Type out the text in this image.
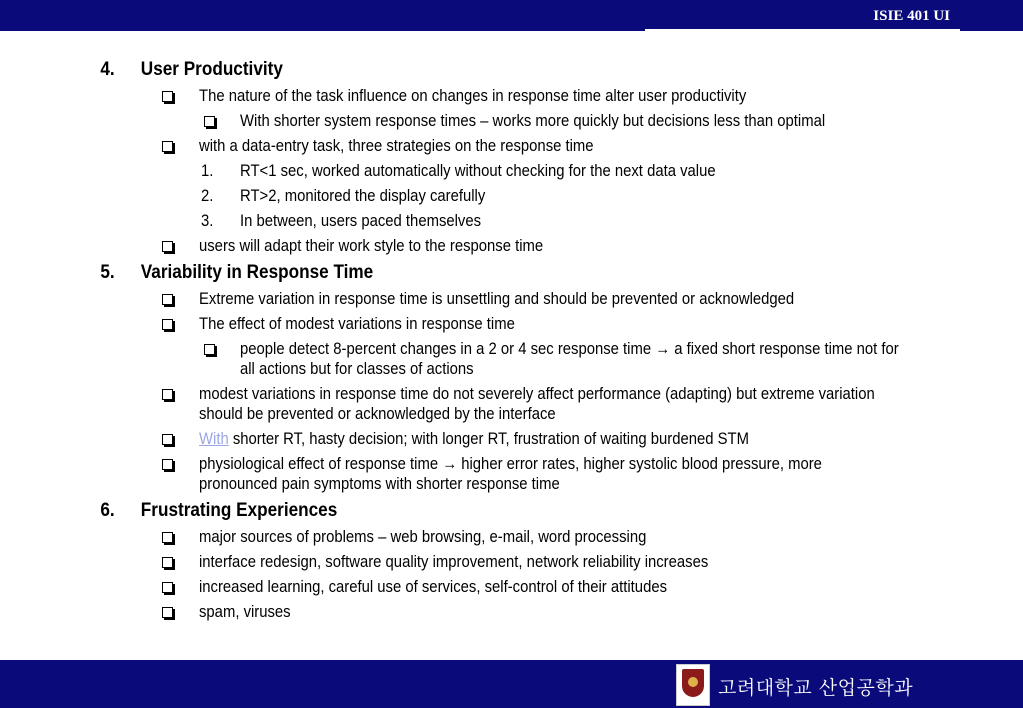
ISIE 401 UI
4. User Productivity
The nature of the task influence on changes in response time alter user productivity
With shorter system response times – works more quickly but decisions less than optimal
with a data-entry task, three strategies on the response time
1. RT<1 sec, worked automatically without checking for the next data value
2. RT>2, monitored the display carefully
3. In between, users paced themselves
users will adapt their work style to the response time
5. Variability in Response Time
Extreme variation in response time is unsettling and should be prevented or acknowledged
The effect of modest variations in response time
people detect 8-percent changes in a 2 or 4 sec response time → a fixed short response time not for all actions but for classes of actions
modest variations in response time do not severely affect performance (adapting) but extreme variation should be prevented or acknowledged by the interface
With shorter RT, hasty decision; with longer RT, frustration of waiting burdened STM
physiological effect of response time → higher error rates, higher systolic blood pressure, more pronounced pain symptoms with shorter response time
6. Frustrating Experiences
major sources of problems – web browsing, e-mail, word processing
interface redesign, software quality improvement, network reliability increases
increased learning, careful use of services, self-control of their attitudes
spam, viruses
고려대학교 산업공학과
